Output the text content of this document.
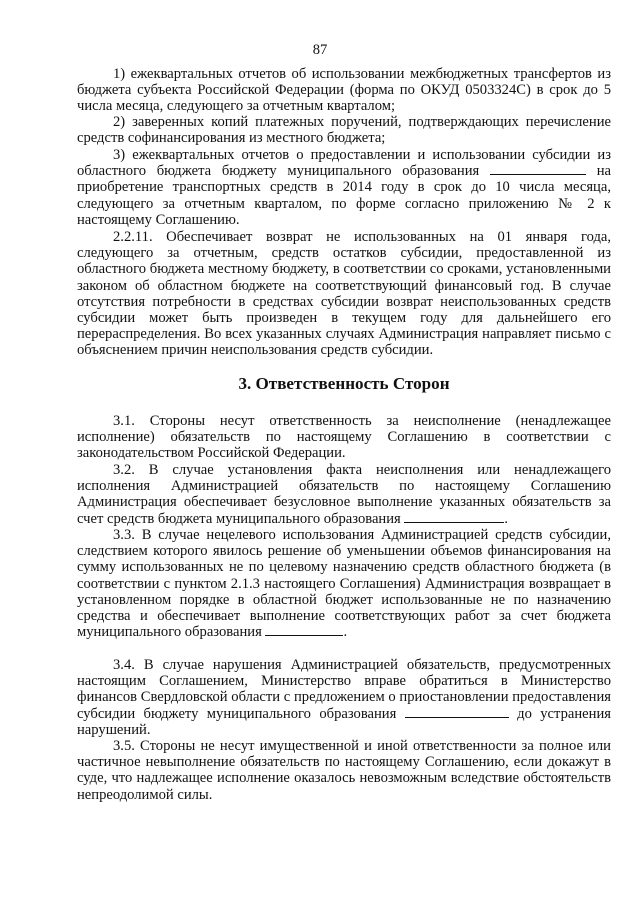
87

1) ежеквартальных отчетов об использовании межбюджетных трансфертов из бюджета субъекта Российской Федерации (форма по ОКУД 0503324С) в срок до 5 числа месяца, следующего за отчетным кварталом;

2) заверенных копий платежных поручений, подтверждающих перечисление средств софинансирования из местного бюджета;

3) ежеквартальных отчетов о предоставлении и использовании субсидии из областного бюджета бюджету муниципального образования	на приобретение транспортных средств в 2014 году в срок до 10 числа месяца, следующего за отчетным кварталом, по форме согласно приложению № 2 к настоящему Соглашению.

2.2.11. Обеспечивает возврат не использованных на 01 января года, следующего за отчетным, средств остатков субсидии, предоставленной из областного бюджета местному бюджету, в соответствии со сроками, установленными законом об областном бюджете на соответствующий финансовый год. В случае отсутствия потребности в средствах субсидии возврат неиспользованных средств субсидии может быть произведен в текущем году для дальнейшего его перераспределения. Во всех указанных случаях Администрация направляет письмо с объяснением причин неиспользования средств субсидии.

3. Ответственность Сторон

3.1. Стороны несут ответственность за неисполнение (ненадлежащее исполнение) обязательств по настоящему Соглашению в соответствии с законодательством Российской Федерации.

3.2. В случае установления факта неисполнения или ненадлежащего исполнения Администрацией обязательств по настоящему Соглашению Администрация обеспечивает безусловное выполнение указанных обязательств за счет средств бюджета муниципального образования	.

3.3. В случае нецелевого использования Администрацией средств субсидии, следствием которого явилось решение об уменьшении объемов финансирования на сумму использованных не по целевому назначению средств областного бюджета (в соответствии с пунктом 2.1.3 настоящего Соглашения) Администрация возвращает в установленном порядке в областной бюджет использованные не по назначению средства и обеспечивает выполнение соответствующих работ за счет бюджета муниципального образования	.

3.4. В случае нарушения Администрацией обязательств, предусмотренных настоящим Соглашением, Министерство вправе обратиться в Министерство финансов Свердловской области с предложением о приостановлении предоставления субсидии бюджету муниципального образования	до устранения нарушений.

3.5. Стороны не несут имущественной и иной ответственности за полное или частичное невыполнение обязательств по настоящему Соглашению, если докажут в суде, что надлежащее исполнение оказалось невозможным вследствие обстоятельств непреодолимой силы.
